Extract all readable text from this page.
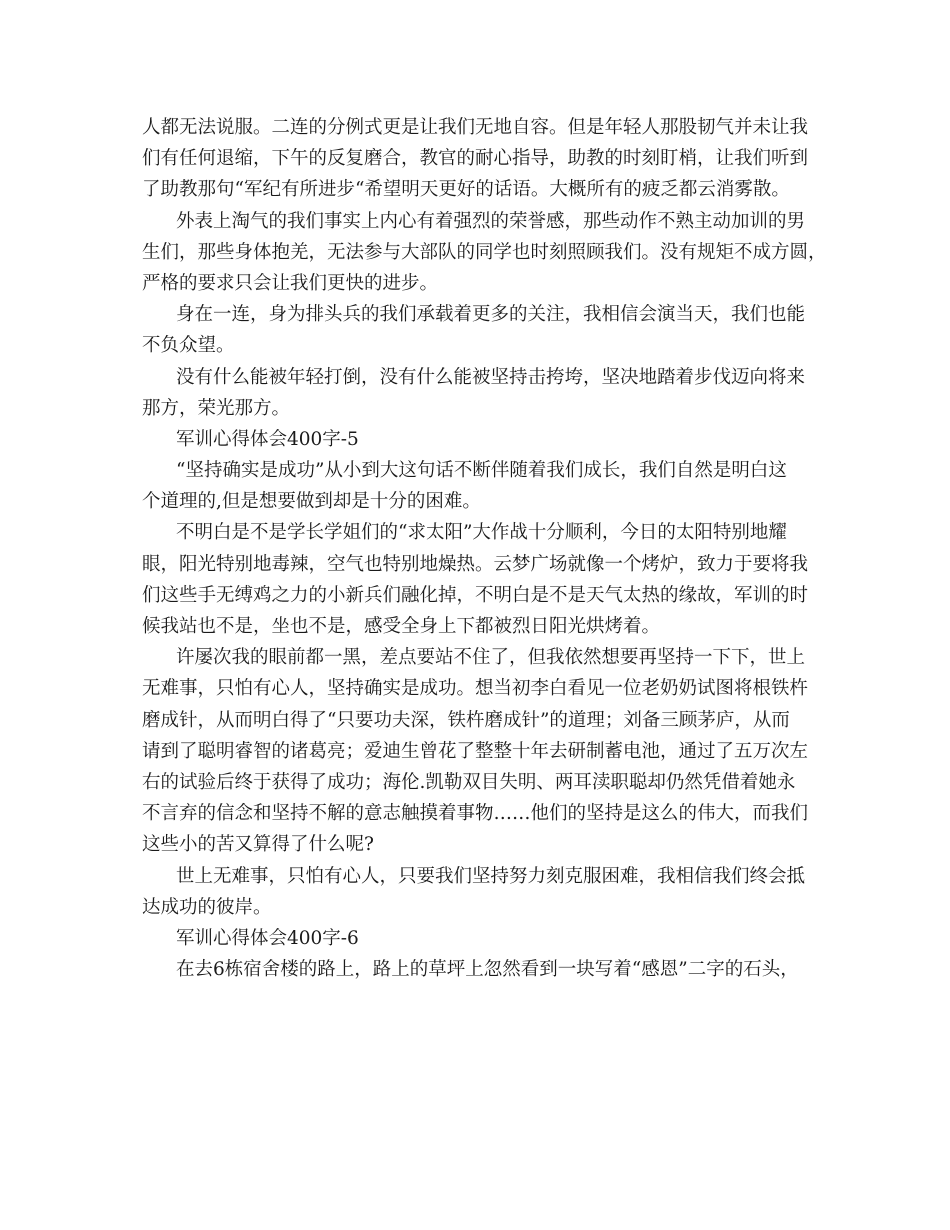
人都无法说服。二连的分例式更是让我们无地自容。但是年轻人那股韧气并未让我
们有任何退缩，下午的反复磨合，教官的耐心指导，助教的时刻盯梢，让我们听到
了助教那句“军纪有所进步“希望明天更好的话语。大概所有的疲乏都云消雾散。
外表上淘气的我们事实上内心有着强烈的荣誉感，那些动作不熟主动加训的男
生们，那些身体抱羌，无法参与大部队的同学也时刻照顾我们。没有规矩不成方圆，
严格的要求只会让我们更快的进步。
身在一连，身为排头兵的我们承载着更多的关注，我相信会演当天，我们也能
不负众望。
没有什么能被年轻打倒，没有什么能被坚持击挎垮，坚决地踏着步伐迈向将来
那方，荣光那方。
军训心得体会400字-5
“坚持确实是成功”从小到大这句话不断伴随着我们成长，我们自然是明白这
个道理的,但是想要做到却是十分的困难。
不明白是不是学长学姐们的“求太阳”大作战十分顺利，今日的太阳特别地耀
眼，阳光特别地毒辣，空气也特别地燥热。云梦广场就像一个烤炉，致力于要将我
们这些手无缚鸡之力的小新兵们融化掉，不明白是不是天气太热的缘故，军训的时
候我站也不是，坐也不是，感受全身上下都被烈日阳光烘烤着。
许屡次我的眼前都一黑，差点要站不住了，但我依然想要再坚持一下下，世上
无难事，只怕有心人，坚持确实是成功。想当初李白看见一位老奶奶试图将根铁杵
磨成针，从而明白得了“只要功夫深，铁杵磨成针”的道理；刘备三顾茅庐，从而
请到了聪明睿智的诸葛亮；爱迪生曾花了整整十年去研制蓄电池，通过了五万次左
右的试验后终于获得了成功；海伦.凯勒双目失明、两耳渎职聪却仍然凭借着她永
不言弃的信念和坚持不解的意志触摸着事物……他们的坚持是这么的伟大，而我们
这些小的苦又算得了什么呢?
世上无难事，只怕有心人，只要我们坚持努力刻克服困难，我相信我们终会抵
达成功的彼岸。
军训心得体会400字-6
在去6栋宿舍楼的路上，路上的草坪上忽然看到一块写着“感恩”二字的石头，
